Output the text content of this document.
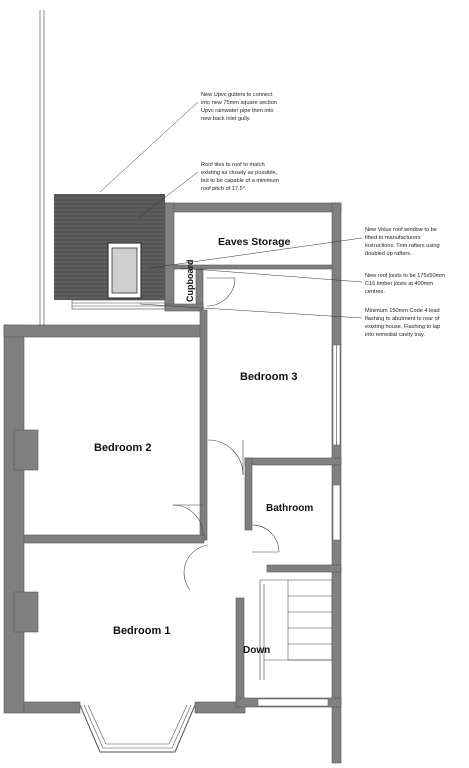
Eaves Storage
Cupboard
Bedroom 3
Bedroom 2
Bathroom
Bedroom 1
Down
New Upvc gutters to connect into new 75mm square section Upvc rainwater pipe then into new back inlet gully.
Roof tiles to roof to match existing as closely as possible, but to be capable of a minimum roof pitch of 17.5°.
New Velux roof window to be fitted to manufacturers instructions. Trim rafters using doubled up rafters.
New roof joists to be 175x50mm C16 timber joists at 400mm centres.
Minimum 150mm Code 4 lead flashing to abutment to rear of existing house. Flashing to lap into remedial cavity tray.
